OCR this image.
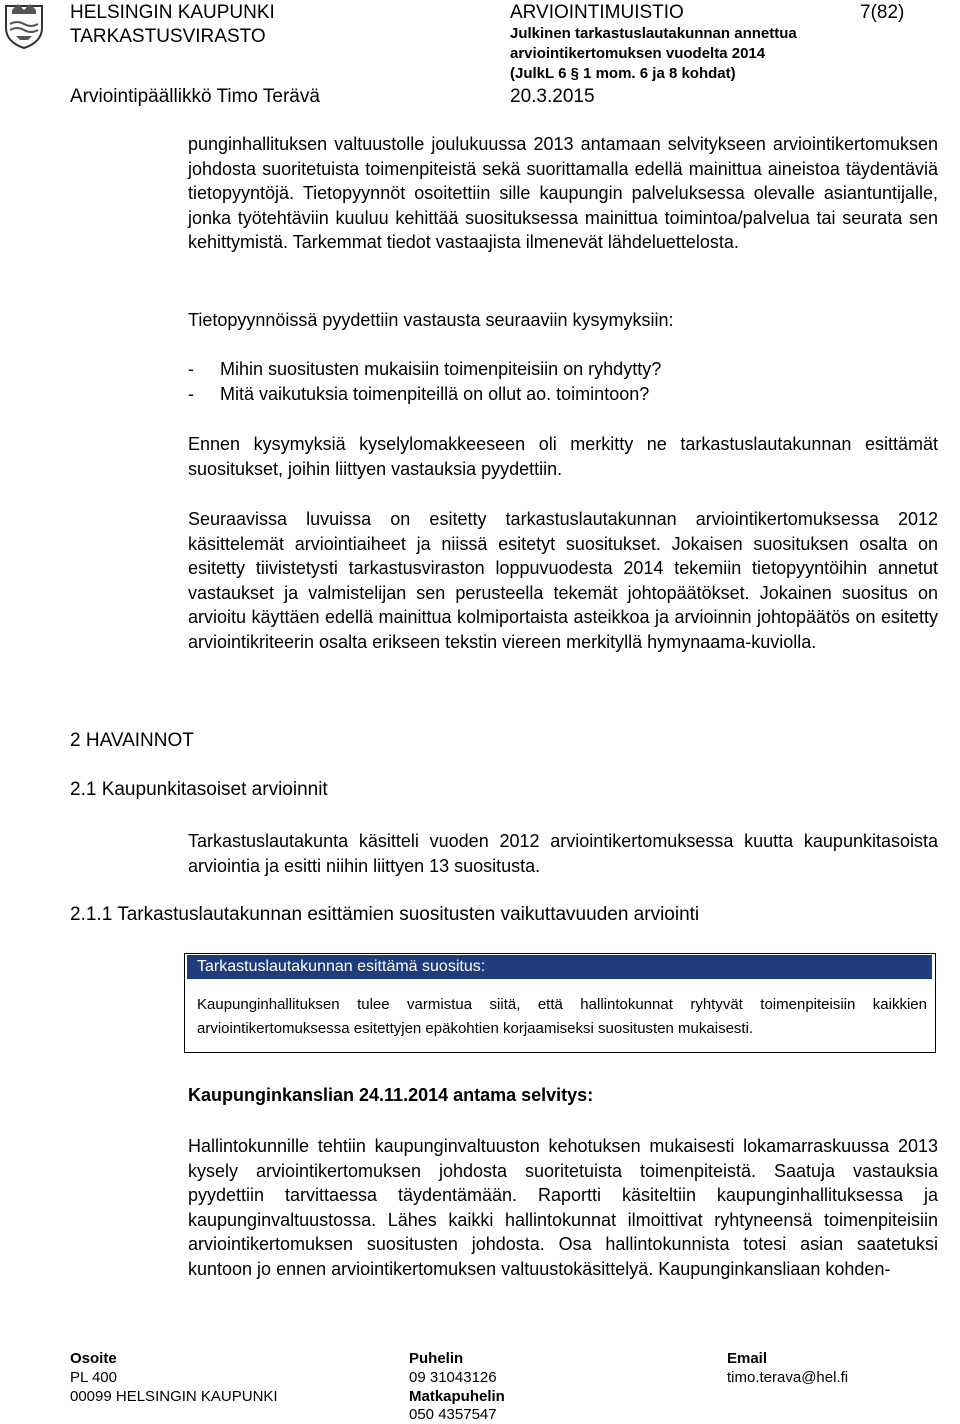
HELSINGIN KAUPUNKI
TARKASTUSVIRASTO
ARVIOINTIMUISTIO	7(82)
Julkinen tarkastuslautakunnan annettua
arviointikertomuksen vuodelta 2014
(JulkL 6 § 1 mom. 6 ja 8 kohdat)
Arviointipäällikkö Timo Terävä	20.3.2015

punginhallituksen valtuustolle joulukuussa 2013 antamaan selvitykseen arviointikertomuksen johdosta suoritetuista toimenpiteistä sekä suorittamalla edellä mainittua aineistoa täydentäviä tietopyyntöjä. Tietopyynnöt osoitettiin sille kaupungin palveluksessa olevalle asiantuntijalle, jonka työtehtäviin kuuluu kehittää suosituksessa mainittua toimintoa/palvelua tai seurata sen kehittymistä. Tarkemmat tiedot vastaajista ilmenevät lähdeluettelosta.

Tietopyynnöissä pyydettiin vastausta seuraaviin kysymyksiin:

- Mihin suositusten mukaisiin toimenpiteisiin on ryhdytty?
- Mitä vaikutuksia toimenpiteillä on ollut ao. toimintoon?

Ennen kysymyksiä kyselylomakkeeseen oli merkitty ne tarkastuslautakunnan esittämät suositukset, joihin liittyen vastauksia pyydettiin.

Seuraavissa luvuissa on esitetty tarkastuslautakunnan arviointikertomuksessa 2012 käsittelemät arviointiaiheet ja niissä esitetyt suositukset. Jokaisen suosituksen osalta on esitetty tiivistetysti tarkastusviraston loppuvuodesta 2014 tekemiin tietopyyntöihin annetut vastaukset ja valmistelijan sen perusteella tekemät johtopäätökset. Jokainen suositus on arvioitu käyttäen edellä mainittua kolmiportaista asteikkoa ja arvioinnin johtopäätös on esitetty arviointikriteerin osalta erikseen tekstin viereen merkityllä hymynaama-kuviolla.

2 HAVAINNOT
2.1 Kaupunkitasoiset arvioinnit

Tarkastuslautakunta käsitteli vuoden 2012 arviointikertomuksessa kuutta kaupunkitasoista arviointia ja esitti niihin liittyen 13 suositusta.

2.1.1 Tarkastuslautakunnan esittämien suositusten vaikuttavuuden arviointi
Tarkastuslautakunnan esittämä suositus:
Kaupunginhallituksen tulee varmistua siitä, että hallintokunnat ryhtyvät toimenpiteisiin kaikkien arviointikertomuksessa esitettyjen epäkohtien korjaamiseksi suositusten mukaisesti.
Kaupunginkanslian 24.11.2014 antama selvitys:

Hallintokunnille tehtiin kaupunginvaltuuston kehotuksen mukaisesti lokamarraskuussa 2013 kysely arviointikertomuksen johdosta suoritetuista toimenpiteistä. Saatuja vastauksia pyydettiin tarvittaessa täydentämään. Raportti käsiteltiin kaupunginhallituksessa ja kaupunginvaltuustossa. Lähes kaikki hallintokunnat ilmoittivat ryhtyneensä toimenpiteisiin arviointikertomuksen suositusten johdosta. Osa hallintokunnista totesi asian saatetuksi kuntoon jo ennen arviointikertomuksen valtuustokäsittelyä. Kaupunginkansliaan kohden-

Osoite
PL 400
00099 HELSINGIN KAUPUNKI
Puhelin
09 31043126
Matkapuhelin
050 4357547
Email
timo.terava@hel.fi
